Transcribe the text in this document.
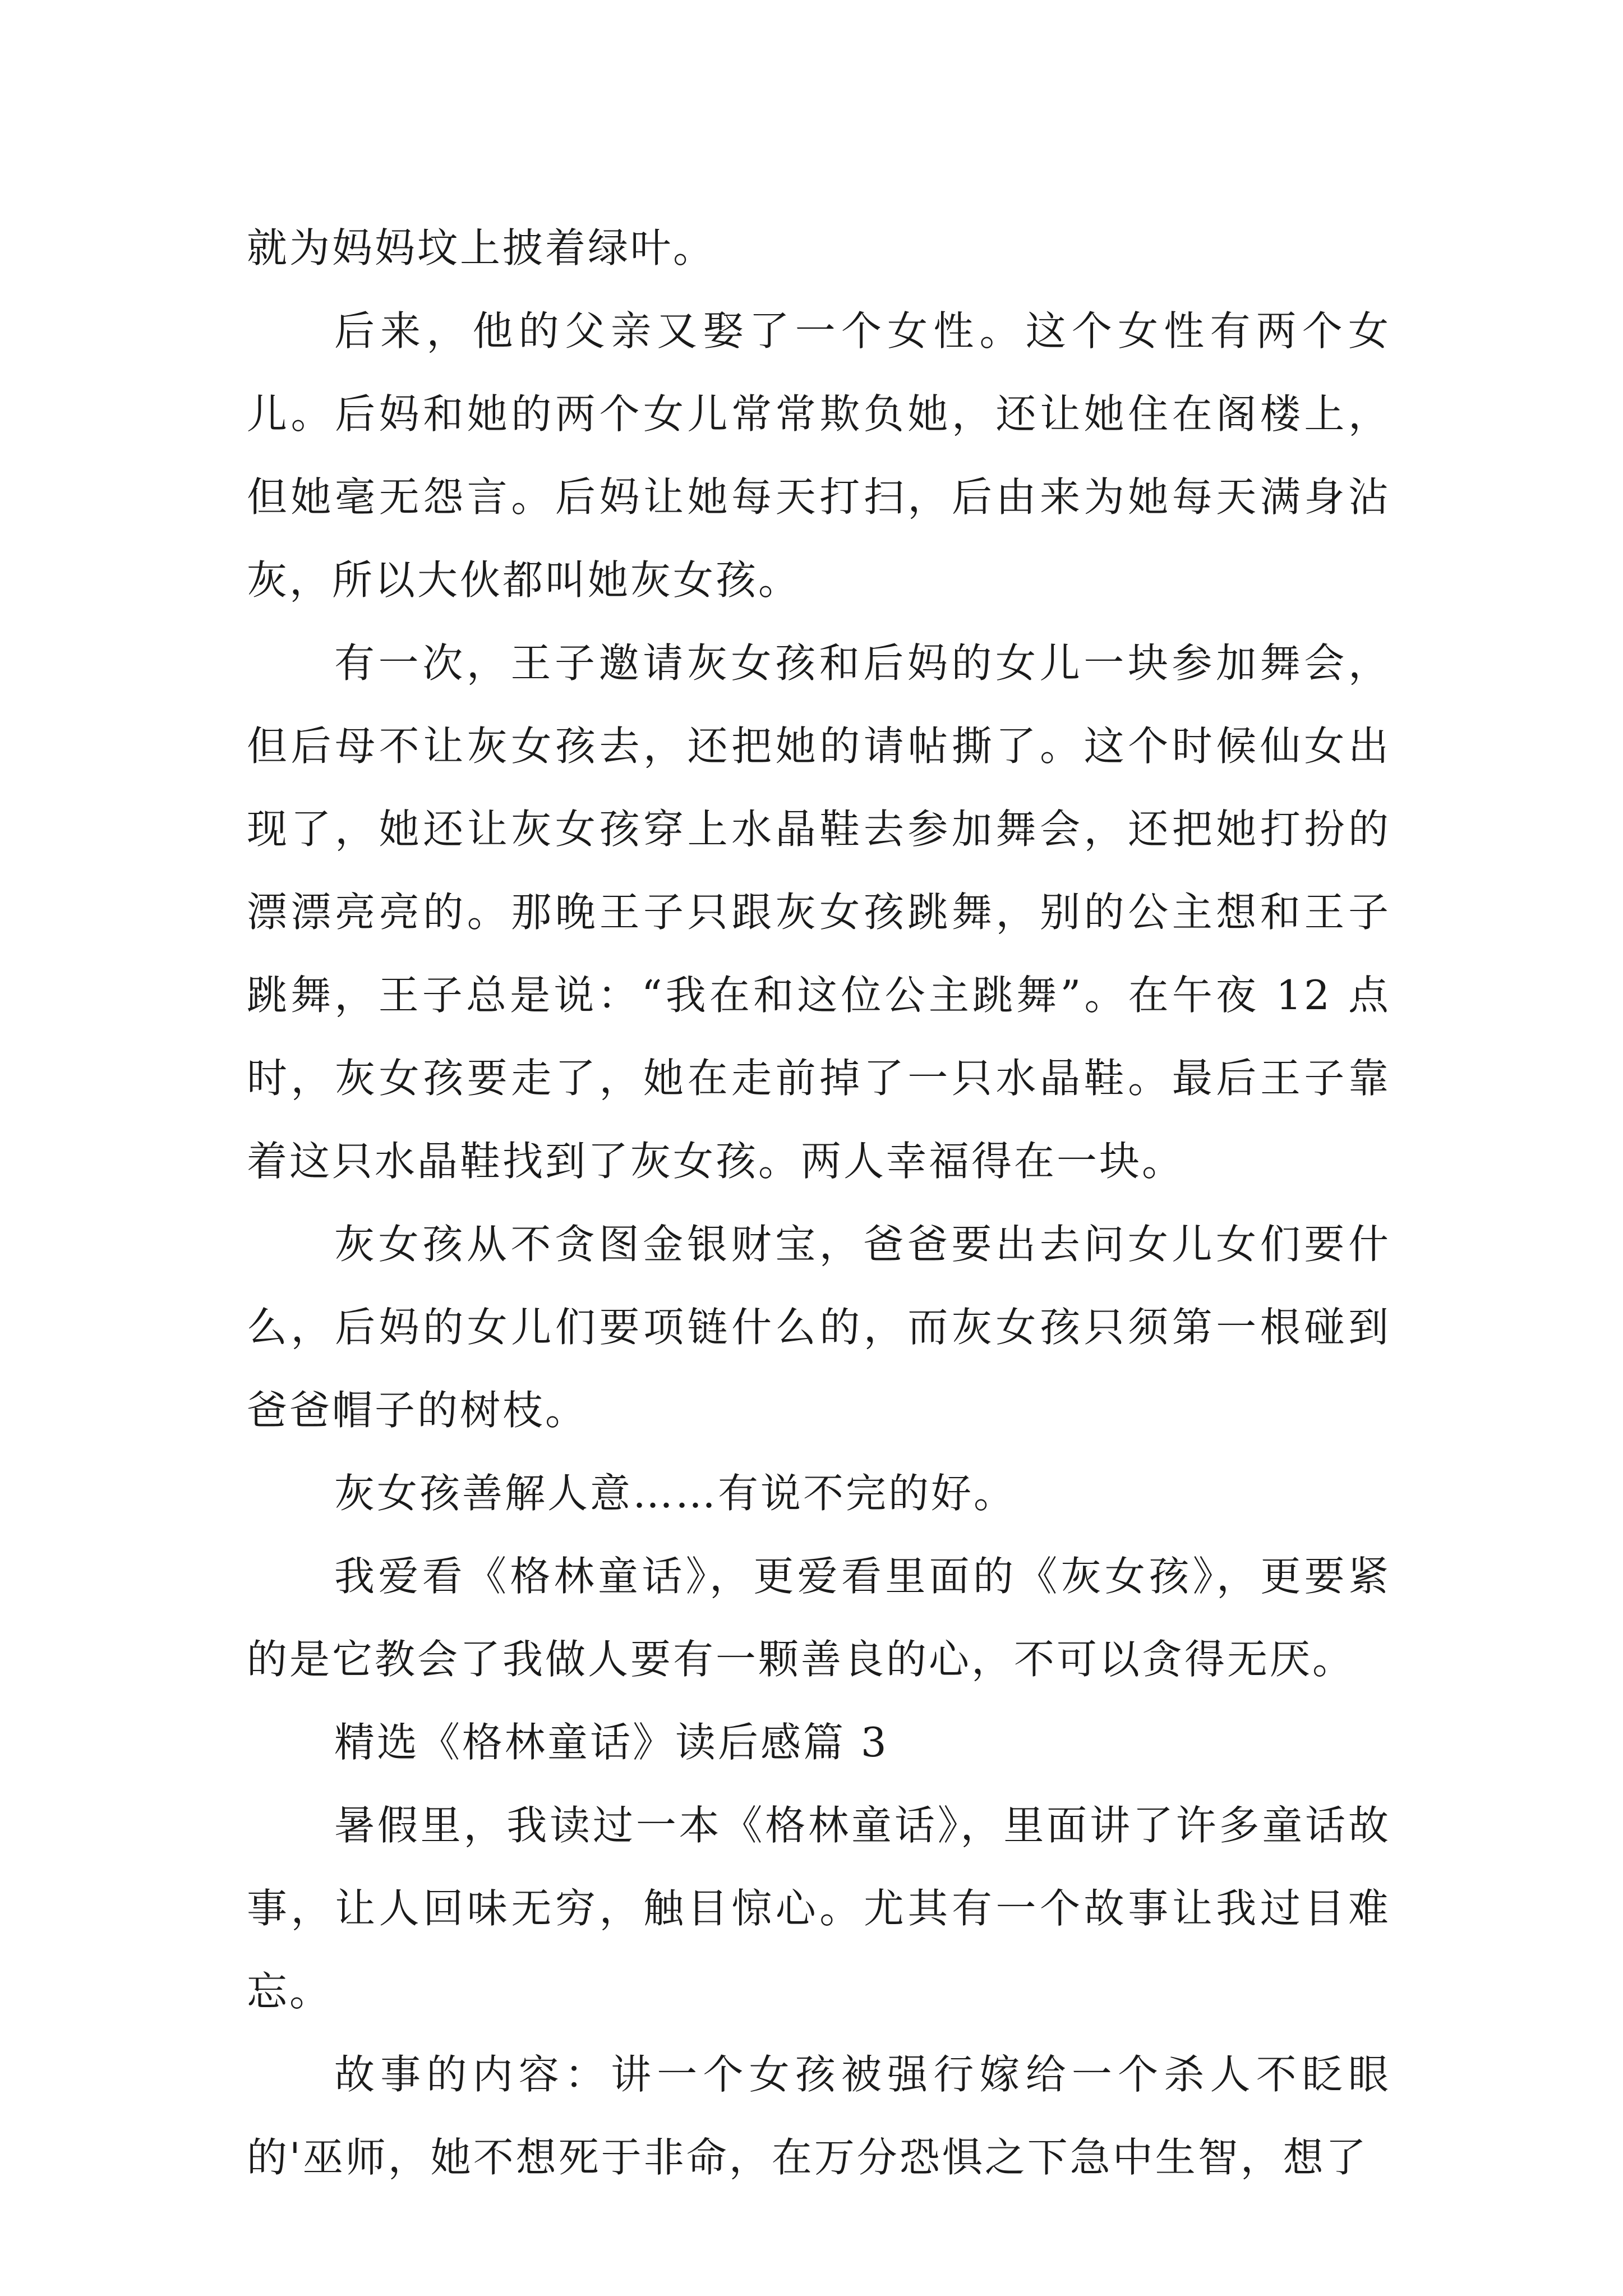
就为妈妈坟上披着绿叶。

后来，他的父亲又娶了一个女性。这个女性有两个女儿。后妈和她的两个女儿常常欺负她，还让她住在阁楼上，但她毫无怨言。后妈让她每天打扫，后由来为她每天满身沾灰，所以大伙都叫她灰女孩。

有一次，王子邀请灰女孩和后妈的女儿一块参加舞会，但后母不让灰女孩去，还把她的请帖撕了。这个时候仙女出现了，她还让灰女孩穿上水晶鞋去参加舞会，还把她打扮的漂漂亮亮的。那晚王子只跟灰女孩跳舞，别的公主想和王子跳舞，王子总是说：“我在和这位公主跳舞”。在午夜 12 点时，灰女孩要走了，她在走前掉了一只水晶鞋。最后王子靠着这只水晶鞋找到了灰女孩。两人幸福得在一块。

灰女孩从不贪图金银财宝，爸爸要出去问女儿女们要什么，后妈的女儿们要项链什么的，而灰女孩只须第一根碰到爸爸帽子的树枝。

灰女孩善解人意……有说不完的好。

我爱看《格林童话》，更爱看里面的《灰女孩》，更要紧的是它教会了我做人要有一颗善良的心，不可以贪得无厌。

精选《格林童话》读后感篇 3

暑假里，我读过一本《格林童话》，里面讲了许多童话故事，让人回味无穷，触目惊心。尤其有一个故事让我过目难忘。

故事的内容：讲一个女孩被强行嫁给一个杀人不眨眼的'巫师，她不想死于非命，在万分恐惧之下急中生智，想了
